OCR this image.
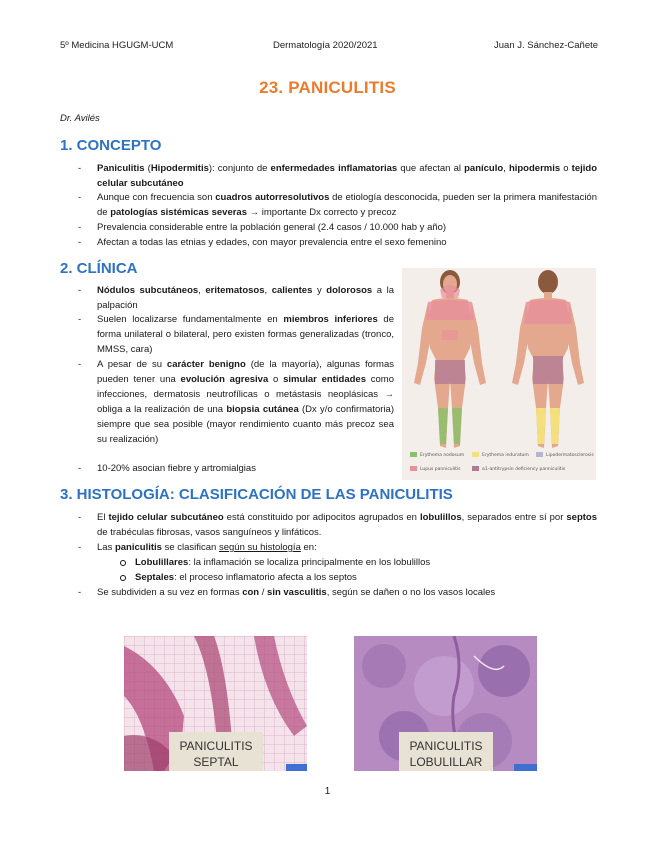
5º Medicina HGUGM-UCM	Dermatología 2020/2021	Juan J. Sánchez-Cañete
23. PANICULITIS
Dr. Avilés
1. CONCEPTO
- Paniculitis (Hipodermitis): conjunto de enfermedades inflamatorias que afectan al panículo, hipodermis o tejido celular subcutáneo
- Aunque con frecuencia son cuadros autorresolutivos de etiología desconocida, pueden ser la primera manifestación de patologías sistémicas severas → importante Dx correcto y precoz
- Prevalencia considerable entre la población general (2.4 casos / 10.000 hab y año)
- Afectan a todas las etnias y edades, con mayor prevalencia entre el sexo femenino
2. CLÍNICA
- Nódulos subcutáneos, eritematosos, calientes y dolorosos a la palpación
- Suelen localizarse fundamentalmente en miembros inferiores de forma unilateral o bilateral, pero existen formas generalizadas (tronco, MMSS, cara)
- A pesar de su carácter benigno (de la mayoría), algunas formas pueden tener una evolución agresiva o simular entidades como infecciones, dermatosis neutrofílicas o metástasis neoplásicas → obliga a la realización de una biopsia cutánea (Dx y/o confirmatoria) siempre que sea posible (mayor rendimiento cuanto más precoz sea su realización)
- 10-20% asocian fiebre y artromialgias
Erythema nodosum	Erythema induratum	Lipodermatosclerosis
Lupus panniculitis	α1-antitrypsin deficiency panniculitis
3. HISTOLOGÍA: CLASIFICACIÓN DE LAS PANICULITIS
- El tejido celular subcutáneo está constituido por adipocitos agrupados en lobulillos, separados entre sí por septos de trabéculas fibrosas, vasos sanguíneos y linfáticos.
- Las paniculitis se clasifican según su histología en:
Lobulillares: la inflamación se localiza principalmente en los lobulillos
Septales: el proceso inflamatorio afecta a los septos
- Se subdividen a su vez en formas con / sin vasculitis, según se dañen o no los vasos locales
PANICULITIS
SEPTAL
PANICULITIS
LOBULILLAR
1
